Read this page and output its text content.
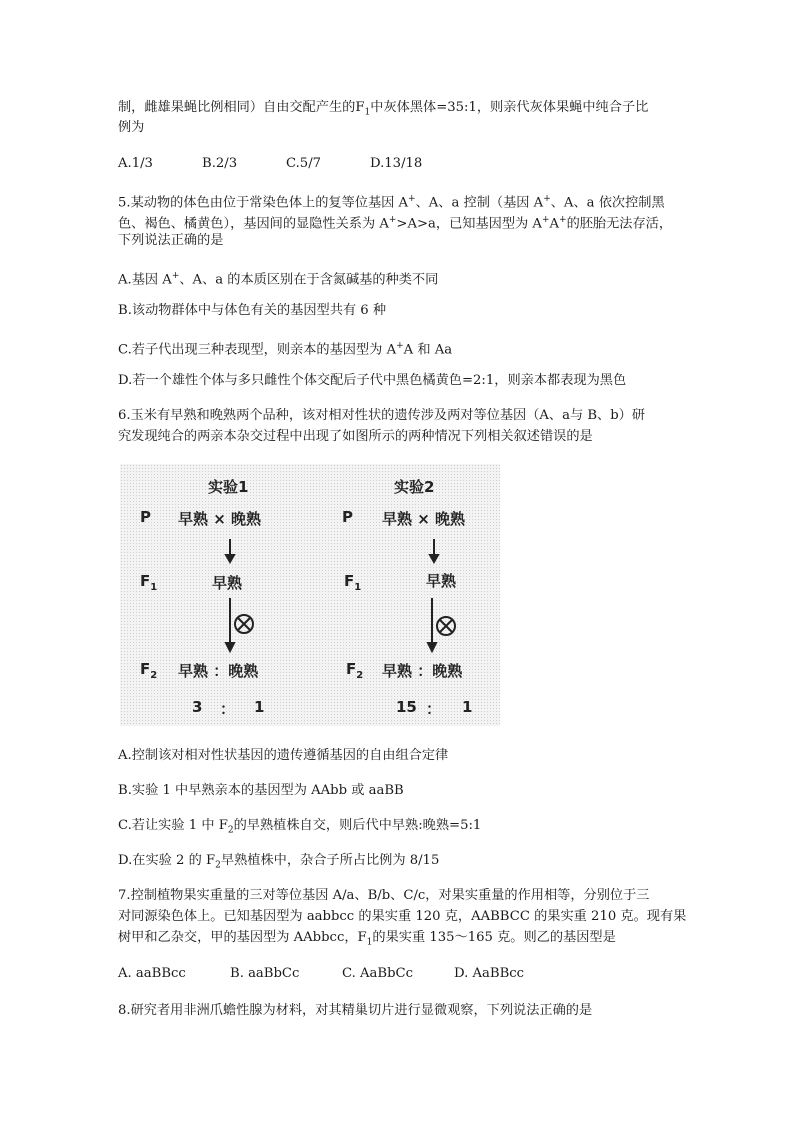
制，雌雄果蝇比例相同）自由交配产生的$F_1$中灰体黑体=35:1，则亲代灰体果蝇中纯合子比
例为
A.1/3	B.2/3	C.5/7	D.13/18
5.某动物的体色由位于常染色体上的复等位基因 A+、A、a 控制（基因 A+、A、a 依次控制黑
色、褐色、橘黄色），基因间的显隐性关系为 A+>A>a，已知基因型为 A+A+的胚胎无法存活，
下列说法正确的是
A.基因 A+、A、a 的本质区别在于含氮碱基的种类不同
B.该动物群体中与体色有关的基因型共有 6 种
C.若子代出现三种表现型，则亲本的基因型为 A+A 和 Aa
D.若一个雄性个体与多只雌性个体交配后子代中黑色橘黄色=2:1，则亲本都表现为黑色
6.玉米有早熟和晚熟两个品种，该对相对性状的遗传涉及两对等位基因（A、a与 B、b）研
究发现纯合的两亲本杂交过程中出现了如图所示的两种情况下列相关叙述错误的是
实验1
P 早熟 × 晚熟
$F_1$	早熟
$F_2$ 早熟 ：晚熟
3 ： 1
实验2
P 早熟 × 晚熟
$F_1$	早熟
$F_2$ 早熟 ：晚熟
15 ： 1
A.控制该对相对性状基因的遗传遵循基因的自由组合定律
B.实验 1 中早熟亲本的基因型为 AAbb 或 aaBB
C.若让实验 1 中 $F_2$的早熟植株自交，则后代中早熟:晚熟=5:1
D.在实验 2 的 $F_2$早熟植株中，杂合子所占比例为 8/15
7.控制植物果实重量的三对等位基因 A/a、B/b、C/c，对果实重量的作用相等，分别位于三
对同源染色体上。已知基因型为 aabbcc 的果实重 120 克，AABBCC 的果实重 210 克。现有果
树甲和乙杂交，甲的基因型为 AAbbcc，$F_1$的果实重 135～165 克。则乙的基因型是
A. aaBBcc	B. aaBbCc	C. AaBbCc	D. AaBBcc
8.研究者用非洲爪蟾性腺为材料，对其精巢切片进行显微观察，下列说法正确的是
